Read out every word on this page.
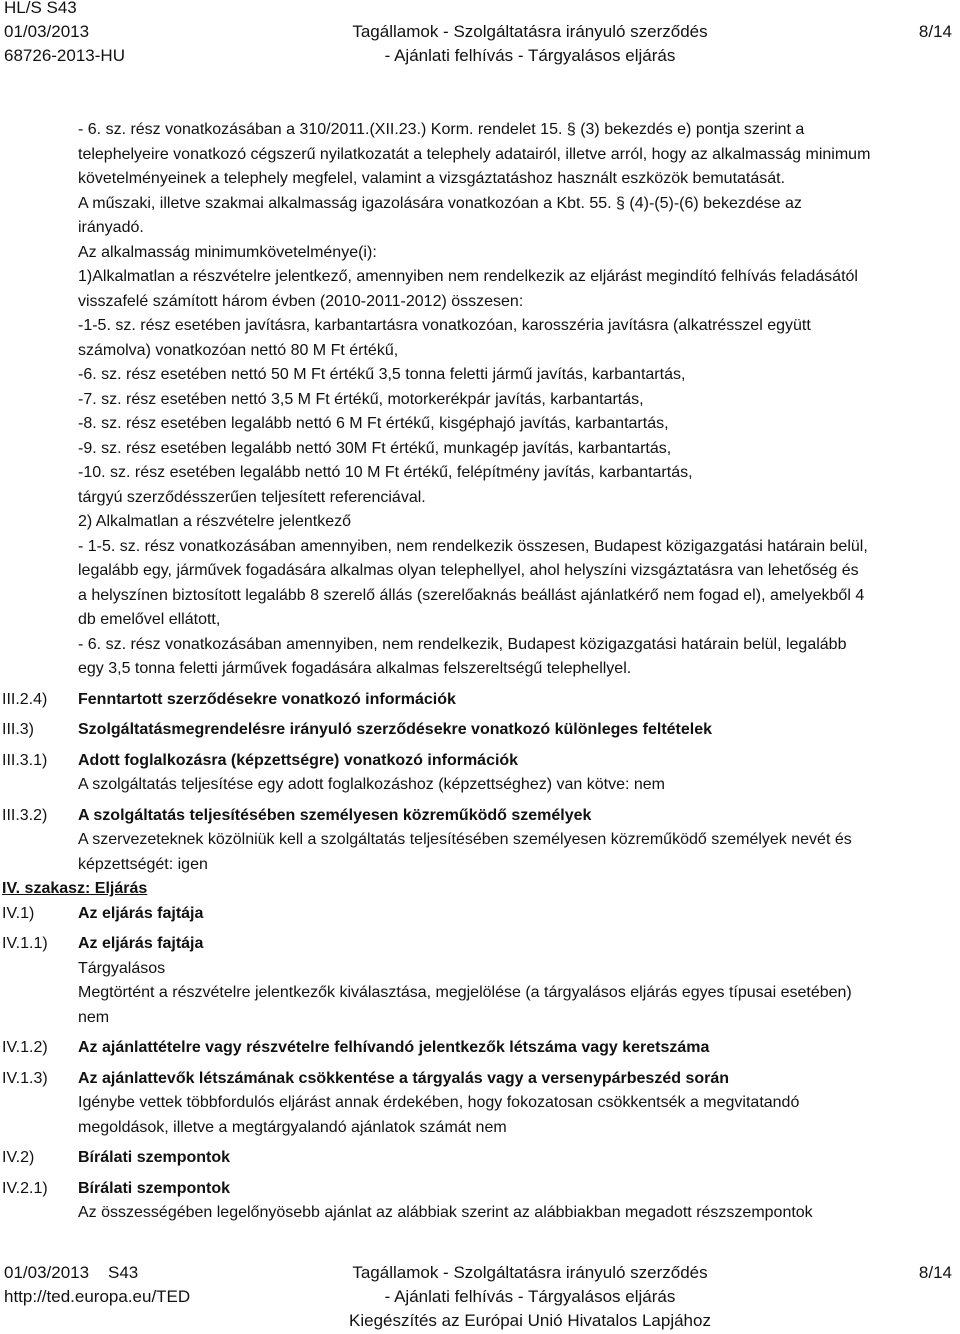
HL/S S43
01/03/2013
68726-2013-HU
Tagállamok - Szolgáltatásra irányuló szerződés
- Ajánlati felhívás - Tárgyalásos eljárás
8/14

- 6. sz. rész vonatkozásában a 310/2011.(XII.23.) Korm. rendelet 15. § (3) bekezdés e) pontja szerint a

telephelyeire vonatkozó cégszerű nyilatkozatát a telephely adatairól, illetve arról, hogy az alkalmasság minimum

követelményeinek a telephely megfelel, valamint a vizsgáztatáshoz használt eszközök bemutatását.

A műszaki, illetve szakmai alkalmasság igazolására vonatkozóan a Kbt. 55. § (4)-(5)-(6) bekezdése az

irányadó.

Az alkalmasság minimumkövetelménye(i):

1)Alkalmatlan a részvételre jelentkező, amennyiben nem rendelkezik az eljárást megindító felhívás feladásától

visszafelé számított három évben (2010-2011-2012) összesen:

-1-5. sz. rész esetében javításra, karbantartásra vonatkozóan, karosszéria javításra (alkatrésszel együtt

számolva) vonatkozóan nettó 80 M Ft értékű,

-6. sz. rész esetében nettó 50 M Ft értékű 3,5 tonna feletti jármű javítás, karbantartás,

-7. sz. rész esetében nettó 3,5 M Ft értékű, motorkerékpár javítás, karbantartás,

-8. sz. rész esetében legalább nettó 6 M Ft értékű, kisgéphajó javítás, karbantartás,

-9. sz. rész esetében legalább nettó 30M Ft értékű, munkagép javítás, karbantartás,

-10. sz. rész esetében legalább nettó 10 M Ft értékű, felépítmény javítás, karbantartás,

tárgyú szerződésszerűen teljesített referenciával.

2) Alkalmatlan a részvételre jelentkező

- 1-5. sz. rész vonatkozásában amennyiben, nem rendelkezik összesen, Budapest közigazgatási határain belül,

legalább egy, járművek fogadására alkalmas olyan telephellyel, ahol helyszíni vizsgáztatásra van lehetőség és

a helyszínen biztosított legalább 8 szerelő állás (szerelőaknás beállást ajánlatkérő nem fogad el), amelyekből 4

db emelővel ellátott,

- 6. sz. rész vonatkozásában amennyiben, nem rendelkezik, Budapest közigazgatási határain belül, legalább

egy 3,5 tonna feletti járművek fogadására alkalmas felszereltségű telephellyel.

III.2.4)	Fenntartott szerződésekre vonatkozó információk
III.3)	Szolgáltatásmegrendelésre irányuló szerződésekre vonatkozó különleges feltételek
III.3.1)	Adott foglalkozásra (képzettségre) vonatkozó információk

A szolgáltatás teljesítése egy adott foglalkozáshoz (képzettséghez) van kötve: nem

III.3.2)	A szolgáltatás teljesítésében személyesen közreműködő személyek

A szervezeteknek közölniük kell a szolgáltatás teljesítésében személyesen közreműködő személyek nevét és

képzettségét: igen

IV. szakasz: Eljárás
IV.1)	Az eljárás fajtája
IV.1.1)	Az eljárás fajtája

Tárgyalásos

Megtörtént a részvételre jelentkezők kiválasztása, megjelölése (a tárgyalásos eljárás egyes típusai esetében)

nem

IV.1.2)	Az ajánlattételre vagy részvételre felhívandó jelentkezők létszáma vagy keretszáma
IV.1.3)	Az ajánlattevők létszámának csökkentése a tárgyalás vagy a versenypárbeszéd során

Igénybe vettek többfordulós eljárást annak érdekében, hogy fokozatosan csökkentsék a megvitatandó

megoldások, illetve a megtárgyalandó ajánlatok számát nem

IV.2)	Bírálati szempontok
IV.2.1)	Bírálati szempontok

Az összességében legelőnyösebb ajánlat az alábbiak szerint az alábbiakban megadott részszempontok

01/03/2013    S43
http://ted.europa.eu/TED
Tagállamok - Szolgáltatásra irányuló szerződés
- Ajánlati felhívás - Tárgyalásos eljárás
Kiegészítés az Európai Unió Hivatalos Lapjához
8/14
